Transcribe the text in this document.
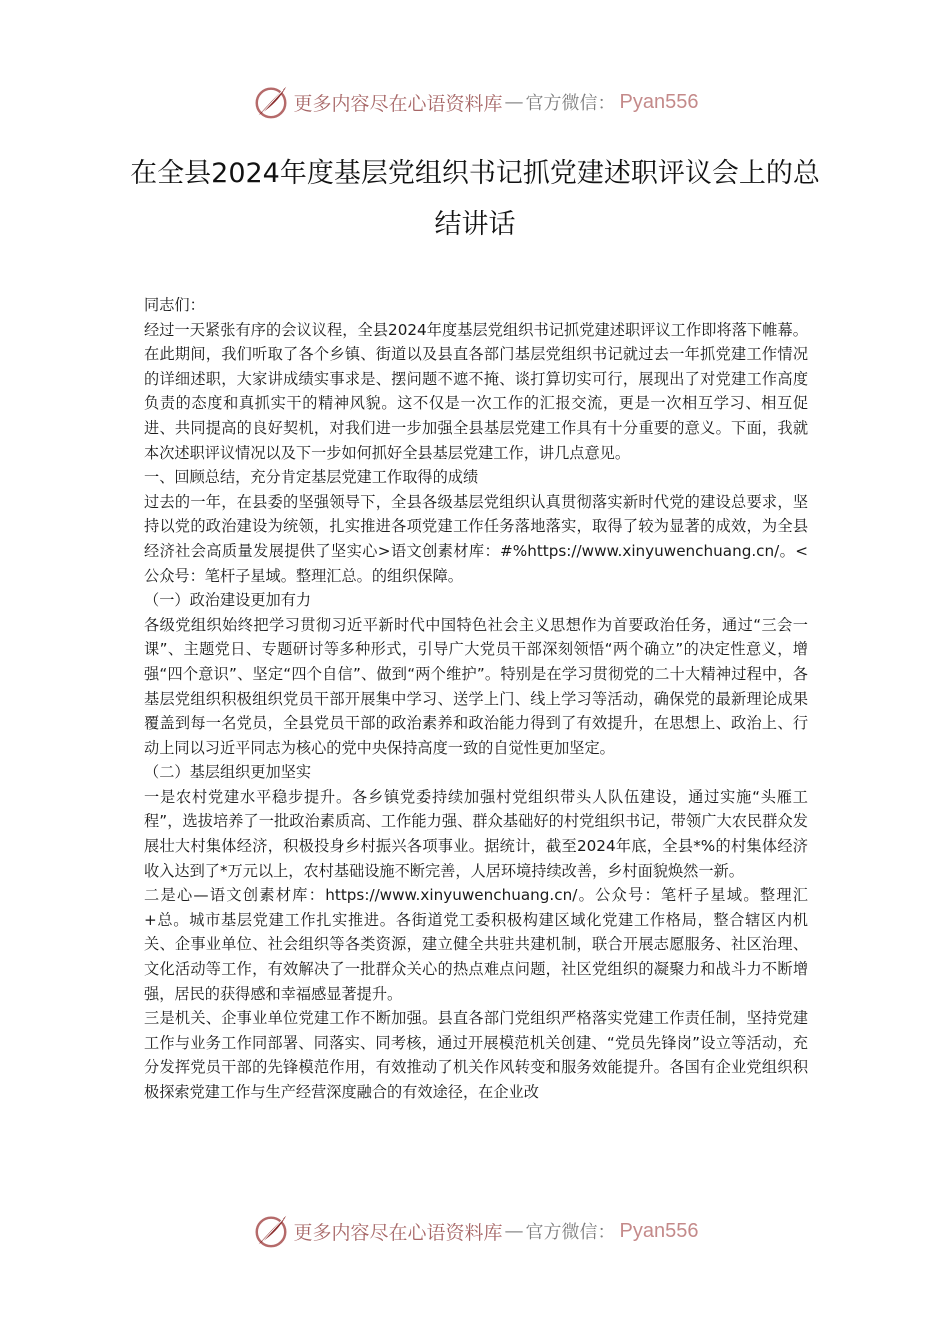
更多内容尽在心语资料库 — 官方微信： Pyan556
在全县2024年度基层党组织书记抓党建述职评议会上的总结讲话

同志们：

经过一天紧张有序的会议议程，全县2024年度基层党组织书记抓党建述职评议工作即将落下帷幕。在此期间，我们听取了各个乡镇、街道以及县直各部门基层党组织书记就过去一年抓党建工作情况的详细述职，大家讲成绩实事求是、摆问题不遮不掩、谈打算切实可行，展现出了对党建工作高度负责的态度和真抓实干的精神风貌。这不仅是一次工作的汇报交流，更是一次相互学习、相互促进、共同提高的良好契机，对我们进一步加强全县基层党建工作具有十分重要的意义。下面，我就本次述职评议情况以及下一步如何抓好全县基层党建工作，讲几点意见。

一、回顾总结，充分肯定基层党建工作取得的成绩

过去的一年，在县委的坚强领导下，全县各级基层党组织认真贯彻落实新时代党的建设总要求，坚持以党的政治建设为统领，扎实推进各项党建工作任务落地落实，取得了较为显著的成效，为全县经济社会高质量发展提供了坚实心>语文创素材库：#%https://www.xinyuwenchuang.cn/。<公众号：笔杆子星域。整理汇总。的组织保障。

（一）政治建设更加有力

各级党组织始终把学习贯彻习近平新时代中国特色社会主义思想作为首要政治任务，通过“三会一课”、主题党日、专题研讨等多种形式，引导广大党员干部深刻领悟“两个确立”的决定性意义，增强“四个意识”、坚定“四个自信”、做到“两个维护”。特别是在学习贯彻党的二十大精神过程中，各基层党组织积极组织党员干部开展集中学习、送学上门、线上学习等活动，确保党的最新理论成果覆盖到每一名党员，全县党员干部的政治素养和政治能力得到了有效提升，在思想上、政治上、行动上同以习近平同志为核心的党中央保持高度一致的自觉性更加坚定。

（二）基层组织更加坚实

一是农村党建水平稳步提升。各乡镇党委持续加强村党组织带头人队伍建设，通过实施“头雁工程”，选拔培养了一批政治素质高、工作能力强、群众基础好的村党组织书记，带领广大农民群众发展壮大村集体经济，积极投身乡村振兴各项事业。据统计，截至2024年底，全县*%的村集体经济收入达到了*万元以上，农村基础设施不断完善，人居环境持续改善，乡村面貌焕然一新。

二是心—语文创素材库：https://www.xinyuwenchuang.cn/。公众号：笔杆子星域。整理汇+总。城市基层党建工作扎实推进。各街道党工委积极构建区域化党建工作格局，整合辖区内机关、企事业单位、社会组织等各类资源，建立健全共驻共建机制，联合开展志愿服务、社区治理、文化活动等工作，有效解决了一批群众关心的热点难点问题，社区党组织的凝聚力和战斗力不断增强，居民的获得感和幸福感显著提升。

三是机关、企事业单位党建工作不断加强。县直各部门党组织严格落实党建工作责任制，坚持党建工作与业务工作同部署、同落实、同考核，通过开展模范机关创建、“党员先锋岗”设立等活动，充分发挥党员干部的先锋模范作用，有效推动了机关作风转变和服务效能提升。各国有企业党组织积极探索党建工作与生产经营深度融合的有效途径，在企业改

更多内容尽在心语资料库 — 官方微信： Pyan556
